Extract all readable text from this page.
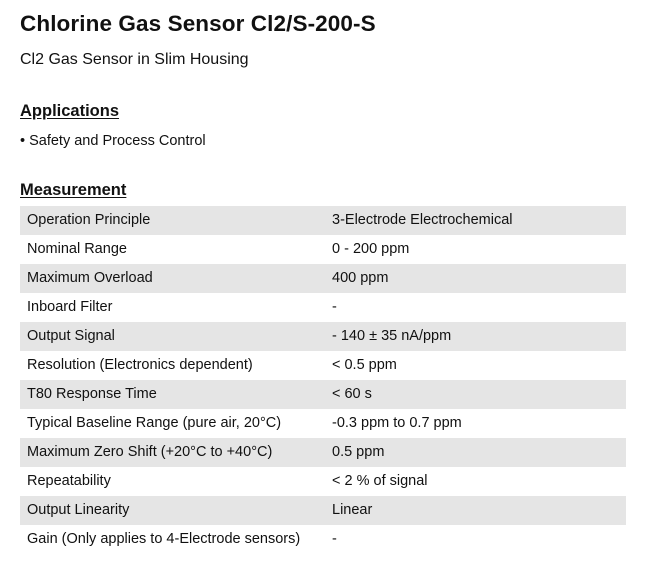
Chlorine Gas Sensor Cl2/S-200-S
Cl2 Gas Sensor in Slim Housing
Applications
• Safety and Process Control
Measurement
Operation Principle	3-Electrode Electrochemical
Nominal Range	0 - 200 ppm
Maximum Overload	400 ppm
Inboard Filter	-
Output Signal	- 140 ± 35 nA/ppm
Resolution (Electronics dependent)	< 0.5 ppm
T80 Response Time	< 60 s
Typical Baseline Range (pure air, 20°C)	-0.3 ppm to 0.7 ppm
Maximum Zero Shift (+20°C to +40°C)	0.5 ppm
Repeatability	< 2 % of signal
Output Linearity	Linear
Gain (Only applies to 4-Electrode sensors) -
